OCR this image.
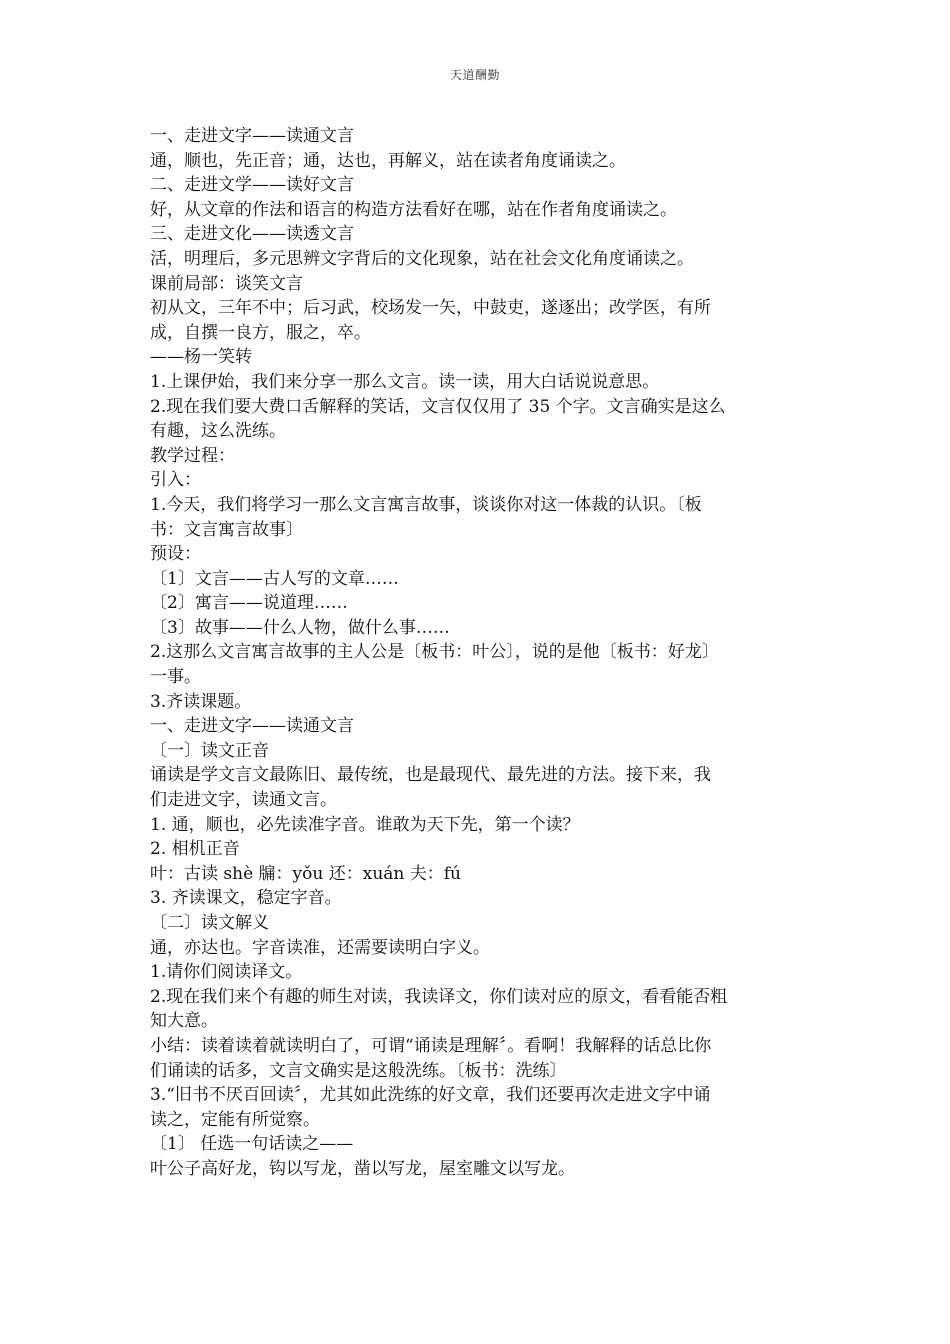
天道酬勤
一、走进文字——读通文言
通，顺也，先正音；通，达也，再解义，站在读者角度诵读之。
二、走进文学——读好文言
好，从文章的作法和语言的构造方法看好在哪，站在作者角度诵读之。
三、走进文化——读透文言
活，明理后，多元思辨文字背后的文化现象，站在社会文化角度诵读之。
课前局部：谈笑文言
初从文，三年不中；后习武，校场发一矢，中鼓吏，遂逐出；改学医，有所
成，自撰一良方，服之，卒。
——杨一笑转
1.上课伊始，我们来分享一那么文言。读一读，用大白话说说意思。
2.现在我们要大费口舌解释的笑话，文言仅仅用了 35 个字。文言确实是这么
有趣，这么洗练。
教学过程：
引入：
1.今天，我们将学习一那么文言寓言故事，谈谈你对这一体裁的认识。〔板
书：文言寓言故事〕
预设：
〔1〕文言——古人写的文章……
〔2〕寓言——说道理……
〔3〕故事——什么人物，做什么事……
2.这那么文言寓言故事的主人公是〔板书：叶公〕，说的是他〔板书：好龙〕
一事。
3.齐读课题。
一、走进文字——读通文言
〔一〕读文正音
诵读是学文言文最陈旧、最传统，也是最现代、最先进的方法。接下来，我
们走进文字，读通文言。
1. 通，顺也，必先读准字音。谁敢为天下先，第一个读？
2. 相机正音
叶：古读 shè 牖：yǒu 还：xuán 夫：fú
3. 齐读课文，稳定字音。
〔二〕读文解义
通，亦达也。字音读准，还需要读明白字义。
1.请你们阅读译文。
2.现在我们来个有趣的师生对读，我读译文，你们读对应的原文，看看能否粗
知大意。
小结：读着读着就读明白了，可谓“诵读是理解〞。看啊！我解释的话总比你
们诵读的话多，文言文确实是这般洗练。〔板书：洗练〕
3.“旧书不厌百回读〞，尤其如此洗练的好文章，我们还要再次走进文字中诵
读之，定能有所觉察。
〔1〕 任选一句话读之——
叶公子高好龙，钩以写龙，凿以写龙，屋室雕文以写龙。
